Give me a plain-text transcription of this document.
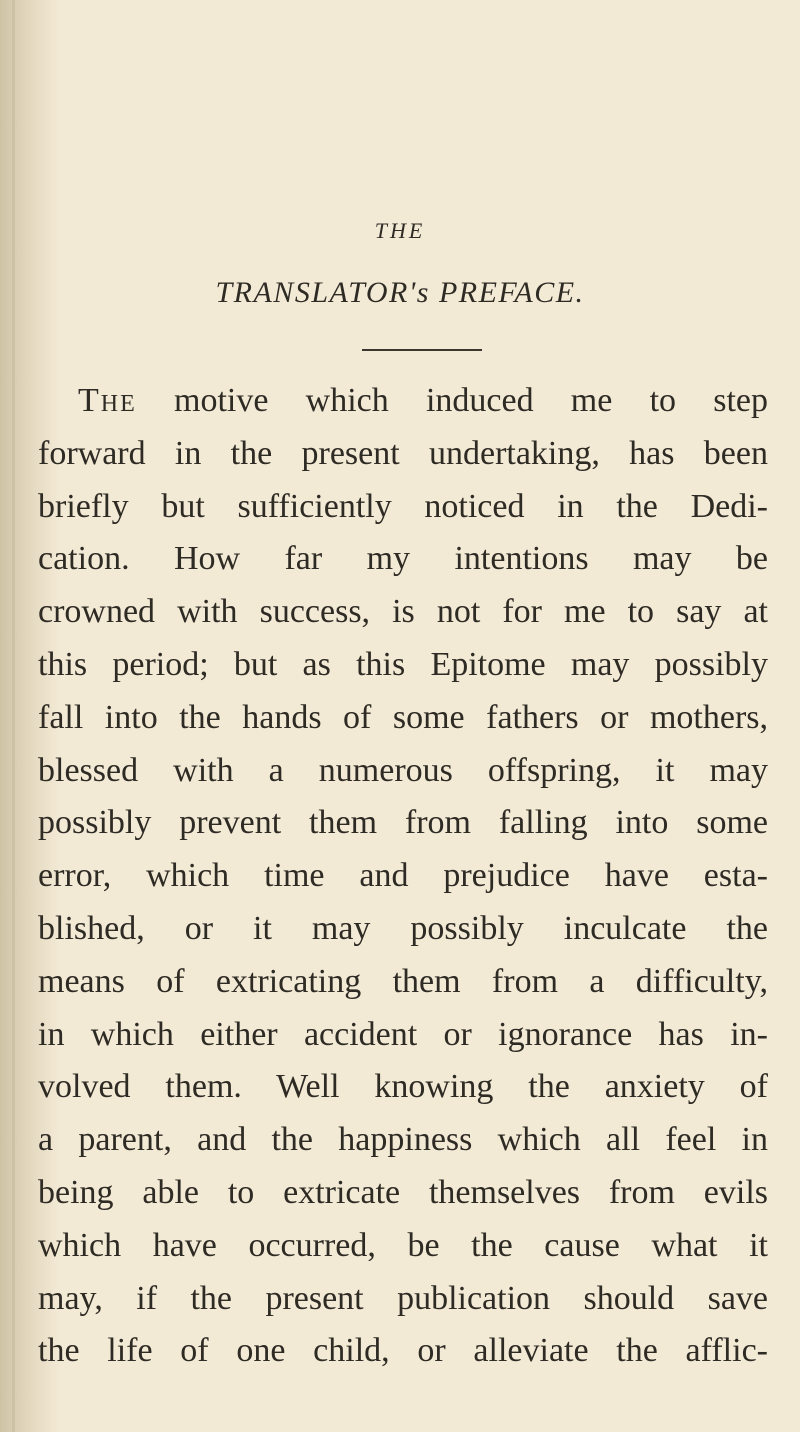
THE
TRANSLATOR's PREFACE.
The motive which induced me to step
forward in the present undertaking, has been
briefly but sufficiently noticed in the Dedi-
cation. How far my intentions may be
crowned with success, is not for me to say at
this period; but as this Epitome may possibly
fall into the hands of some fathers or mothers,
blessed with a numerous offspring, it may
possibly prevent them from falling into some
error, which time and prejudice have esta-
blished, or it may possibly inculcate the
means of extricating them from a difficulty,
in which either accident or ignorance has in-
volved them. Well knowing the anxiety of
a parent, and the happiness which all feel in
being able to extricate themselves from evils
which have occurred, be the cause what it
may, if the present publication should save
the life of one child, or alleviate the afflic-
